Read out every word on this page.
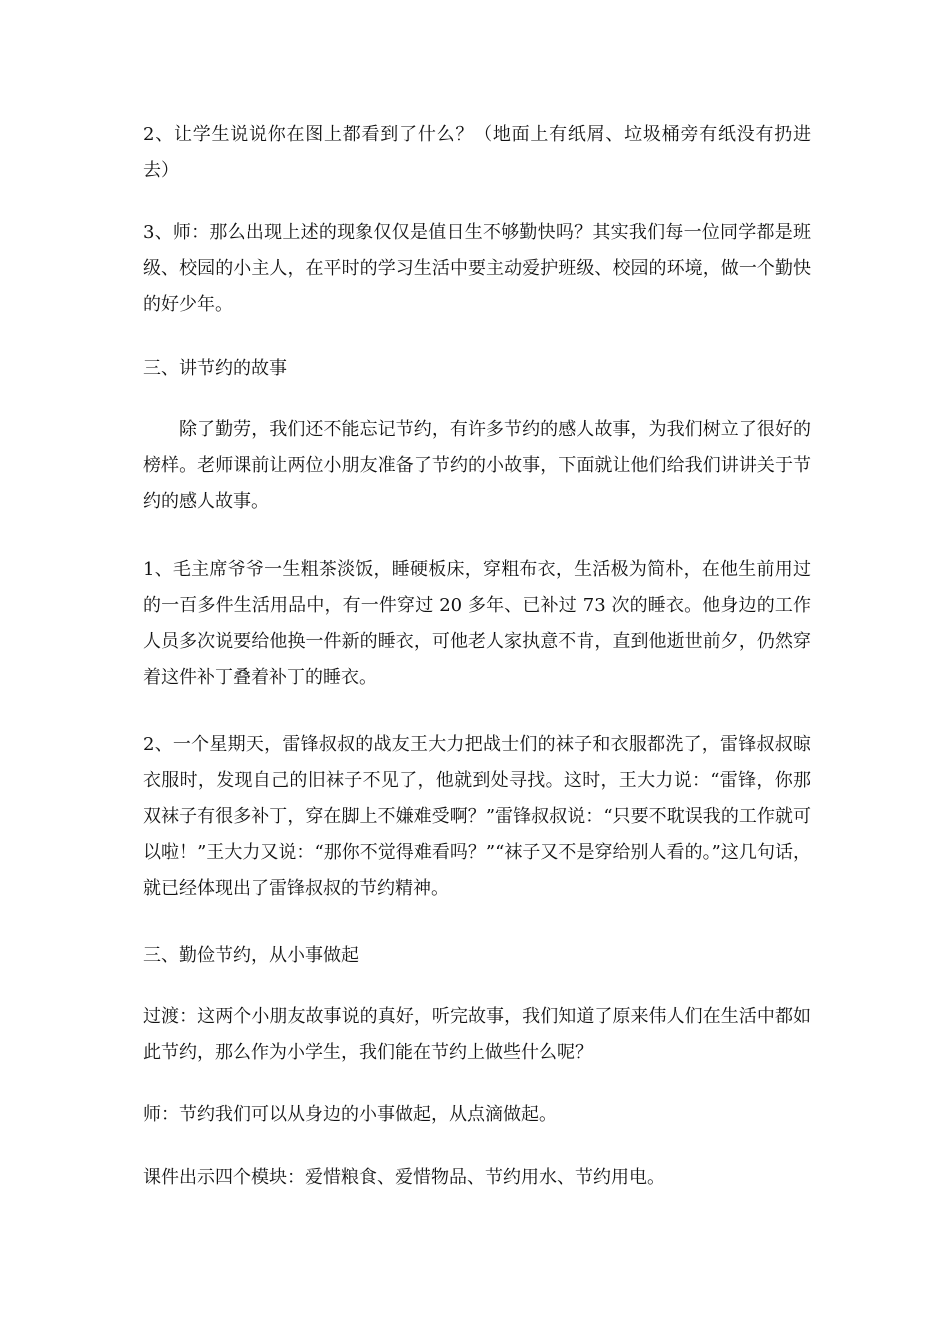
2、让学生说说你在图上都看到了什么？（地面上有纸屑、垃圾桶旁有纸没有扔进去）

3、师：那么出现上述的现象仅仅是值日生不够勤快吗？其实我们每一位同学都是班级、校园的小主人，在平时的学习生活中要主动爱护班级、校园的环境，做一个勤快的好少年。

三、讲节约的故事

除了勤劳，我们还不能忘记节约，有许多节约的感人故事，为我们树立了很好的榜样。老师课前让两位小朋友准备了节约的小故事，下面就让他们给我们讲讲关于节约的感人故事。

1、毛主席爷爷一生粗茶淡饭，睡硬板床，穿粗布衣，生活极为简朴，在他生前用过的一百多件生活用品中，有一件穿过 20 多年、已补过 73 次的睡衣。他身边的工作人员多次说要给他换一件新的睡衣，可他老人家执意不肯，直到他逝世前夕，仍然穿着这件补丁叠着补丁的睡衣。

2、一个星期天，雷锋叔叔的战友王大力把战士们的袜子和衣服都洗了，雷锋叔叔晾衣服时，发现自己的旧袜子不见了，他就到处寻找。这时，王大力说：“雷锋，你那双袜子有很多补丁，穿在脚上不嫌难受啊？”雷锋叔叔说：“只要不耽误我的工作就可以啦！”王大力又说：“那你不觉得难看吗？”“袜子又不是穿给别人看的。”这几句话，就已经体现出了雷锋叔叔的节约精神。

三、勤俭节约，从小事做起

过渡：这两个小朋友故事说的真好，听完故事，我们知道了原来伟人们在生活中都如此节约，那么作为小学生，我们能在节约上做些什么呢？

师：节约我们可以从身边的小事做起，从点滴做起。

课件出示四个模块：爱惜粮食、爱惜物品、节约用水、节约用电。
